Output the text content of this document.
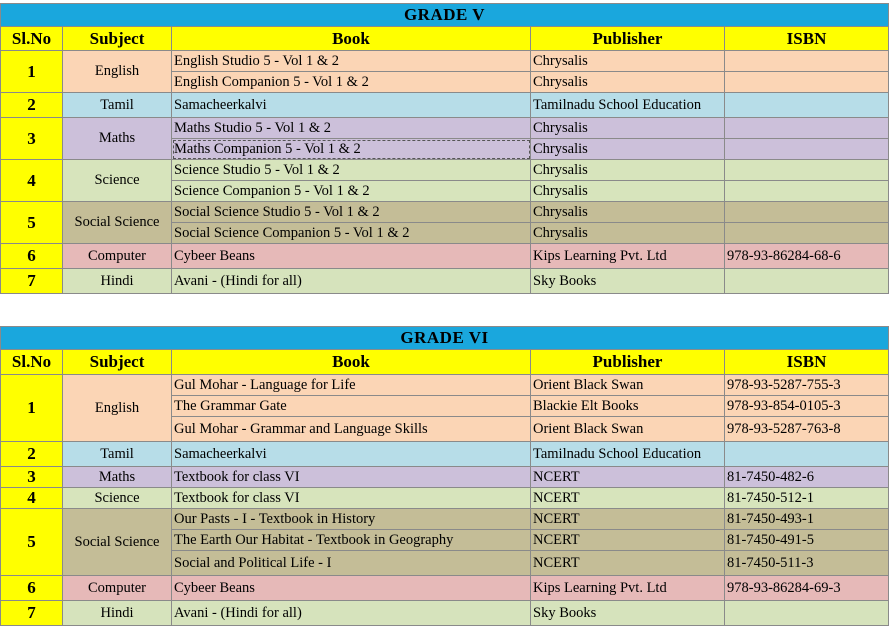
GRADE V				
Sl.No	Subject	Book	Publisher	ISBN
1	English	English Studio 5 - Vol 1 & 2	Chrysalis	
		English Companion 5 - Vol 1 & 2	Chrysalis	
2	Tamil	Samacheerkalvi	Tamilnadu School Education	
3	Maths	Maths Studio 5 - Vol 1 & 2	Chrysalis	
		Maths Companion 5 - Vol 1 & 2	Chrysalis	
4	Science	Science Studio 5 - Vol 1 & 2	Chrysalis	
		Science Companion 5 - Vol 1 & 2	Chrysalis	
5	Social Science	Social Science Studio 5 - Vol 1 & 2	Chrysalis	
		Social Science Companion 5 - Vol 1 & 2	Chrysalis	
6	Computer	Cybeer Beans	Kips Learning Pvt. Ltd	978-93-86284-68-6
7	Hindi	Avani - (Hindi for all)	Sky Books	
GRADE VI				
Sl.No	Subject	Book	Publisher	ISBN
1	English	Gul Mohar - Language for Life	Orient Black Swan	978-93-5287-755-3
		The Grammar Gate	Blackie Elt Books	978-93-854-0105-3
		Gul Mohar - Grammar and Language Skills	Orient Black Swan	978-93-5287-763-8
2	Tamil	Samacheerkalvi	Tamilnadu School Education	
3	Maths	Textbook for class VI	NCERT	81-7450-482-6
4	Science	Textbook for class VI	NCERT	81-7450-512-1
5	Social Science	Our Pasts - I - Textbook in History	NCERT	81-7450-493-1
		The Earth Our Habitat - Textbook in Geography	NCERT	81-7450-491-5
		Social and Political Life - I	NCERT	81-7450-511-3
6	Computer	Cybeer Beans	Kips Learning Pvt. Ltd	978-93-86284-69-3
7	Hindi	Avani - (Hindi for all)	Sky Books	
